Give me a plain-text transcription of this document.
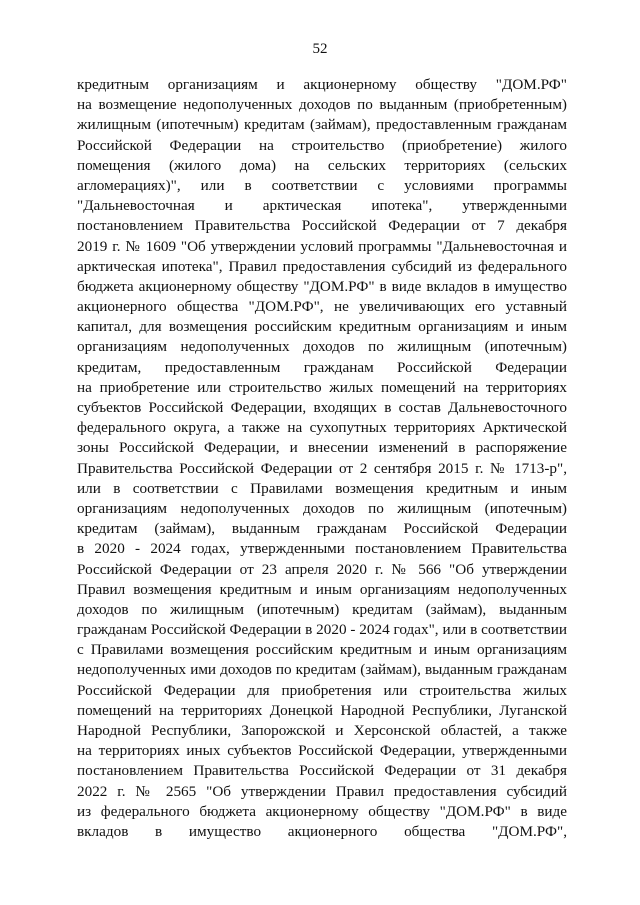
52
кредитным организациям и акционерному обществу "ДОМ.РФ"
на возмещение недополученных доходов по выданным (приобретенным)
жилищным (ипотечным) кредитам (займам), предоставленным гражданам
Российской Федерации на строительство (приобретение) жилого
помещения (жилого дома) на сельских территориях (сельских
агломерациях)", или в соответствии с условиями программы
"Дальневосточная и арктическая ипотека", утвержденными
постановлением Правительства Российской Федерации от 7 декабря
2019 г. № 1609 "Об утверждении условий программы "Дальневосточная и
арктическая ипотека", Правил предоставления субсидий из федерального
бюджета акционерному обществу "ДОМ.РФ" в виде вкладов в имущество
акционерного общества "ДОМ.РФ", не увеличивающих его уставный
капитал, для возмещения российским кредитным организациям и иным
организациям недополученных доходов по жилищным (ипотечным)
кредитам, предоставленным гражданам Российской Федерации
на приобретение или строительство жилых помещений на территориях
субъектов Российской Федерации, входящих в состав Дальневосточного
федерального округа, а также на сухопутных территориях Арктической
зоны Российской Федерации, и внесении изменений в распоряжение
Правительства Российской Федерации от 2 сентября 2015 г. № 1713-р",
или в соответствии с Правилами возмещения кредитным и иным
организациям недополученных доходов по жилищным (ипотечным)
кредитам (займам), выданным гражданам Российской Федерации
в 2020 - 2024 годах, утвержденными постановлением Правительства
Российской Федерации от 23 апреля 2020 г. № 566 "Об утверждении
Правил возмещения кредитным и иным организациям недополученных
доходов по жилищным (ипотечным) кредитам (займам), выданным
гражданам Российской Федерации в 2020 - 2024 годах", или в соответствии
с Правилами возмещения российским кредитным и иным организациям
недополученных ими доходов по кредитам (займам), выданным гражданам
Российской Федерации для приобретения или строительства жилых
помещений на территориях Донецкой Народной Республики, Луганской
Народной Республики, Запорожской и Херсонской областей, а также
на территориях иных субъектов Российской Федерации, утвержденными
постановлением Правительства Российской Федерации от 31 декабря
2022 г. № 2565 "Об утверждении Правил предоставления субсидий
из федерального бюджета акционерному обществу "ДОМ.РФ" в виде
вкладов в имущество акционерного общества "ДОМ.РФ",
